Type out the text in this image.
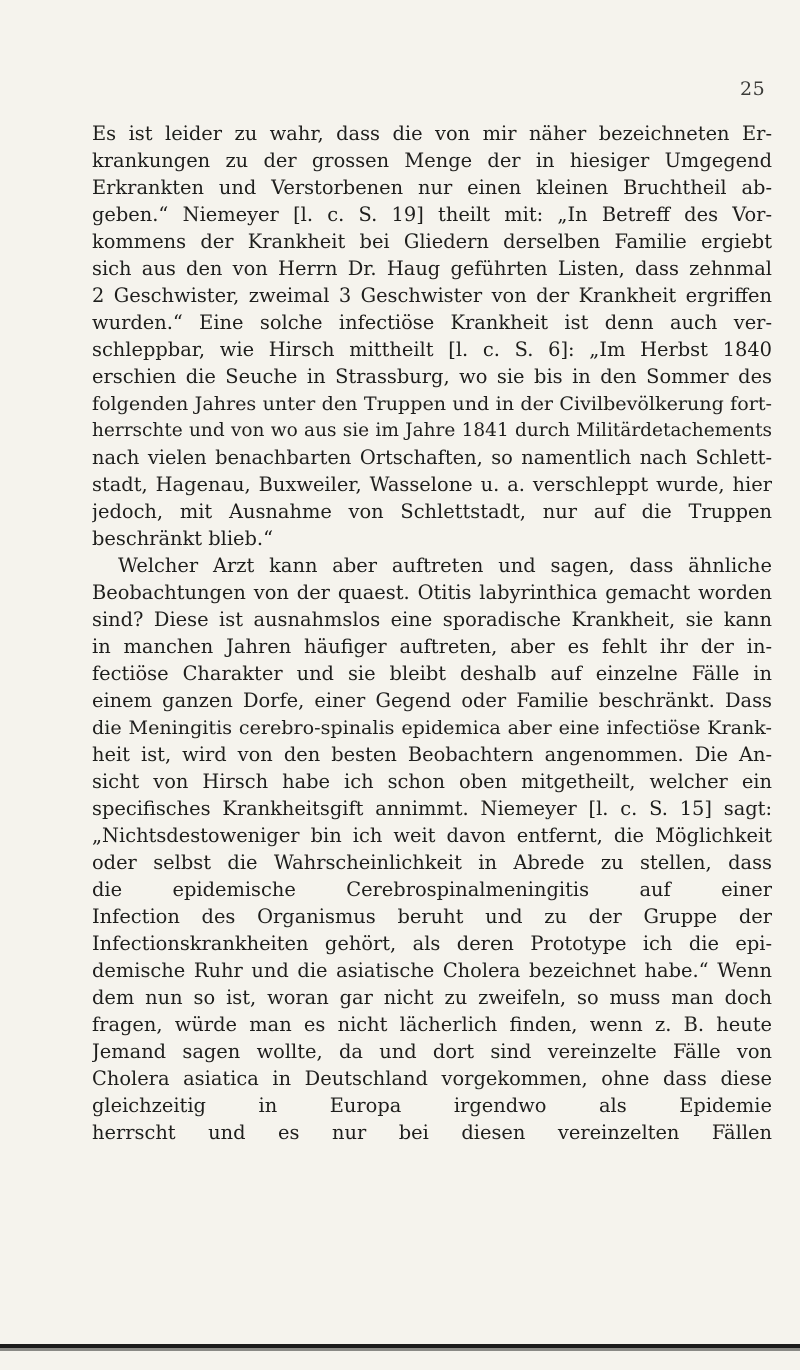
25
Es ist leider zu wahr, dass die von mir näher bezeichneten Er-
krankungen zu der grossen Menge der in hiesiger Umgegend
Erkrankten und Verstorbenen nur einen kleinen Bruchtheil ab-
geben.“ Niemeyer [l. c. S. 19] theilt mit: „In Betreff des Vor-
kommens der Krankheit bei Gliedern derselben Familie ergiebt
sich aus den von Herrn Dr. Haug geführten Listen, dass zehnmal
2 Geschwister, zweimal 3 Geschwister von der Krankheit ergriffen
wurden.“ Eine solche infectiöse Krankheit ist denn auch ver-
schleppbar, wie Hirsch mittheilt [l. c. S. 6]: „Im Herbst 1840
erschien die Seuche in Strassburg, wo sie bis in den Sommer des
folgenden Jahres unter den Truppen und in der Civilbevölkerung fort-
herrschte und von wo aus sie im Jahre 1841 durch Militärdetachements
nach vielen benachbarten Ortschaften, so namentlich nach Schlett-
stadt, Hagenau, Buxweiler, Wasselone u. a. verschleppt wurde, hier
jedoch, mit Ausnahme von Schlettstadt, nur auf die Truppen
beschränkt blieb.“
Welcher Arzt kann aber auftreten und sagen, dass ähnliche
Beobachtungen von der quaest. Otitis labyrinthica gemacht worden
sind? Diese ist ausnahmslos eine sporadische Krankheit, sie kann
in manchen Jahren häufiger auftreten, aber es fehlt ihr der in-
fectiöse Charakter und sie bleibt deshalb auf einzelne Fälle in
einem ganzen Dorfe, einer Gegend oder Familie beschränkt. Dass
die Meningitis cerebro-spinalis epidemica aber eine infectiöse Krank-
heit ist, wird von den besten Beobachtern angenommen. Die An-
sicht von Hirsch habe ich schon oben mitgetheilt, welcher ein
specifisches Krankheitsgift annimmt. Niemeyer [l. c. S. 15] sagt:
„Nichtsdestoweniger bin ich weit davon entfernt, die Möglichkeit
oder selbst die Wahrscheinlichkeit in Abrede zu stellen, dass
die epidemische Cerebrospinalmeningitis auf einer
Infection des Organismus beruht und zu der Gruppe der
Infectionskrankheiten gehört, als deren Prototype ich die epi-
demische Ruhr und die asiatische Cholera bezeichnet habe.“ Wenn
dem nun so ist, woran gar nicht zu zweifeln, so muss man doch
fragen, würde man es nicht lächerlich finden, wenn z. B. heute
Jemand sagen wollte, da und dort sind vereinzelte Fälle von
Cholera asiatica in Deutschland vorgekommen, ohne dass diese
gleichzeitig in Europa irgendwo als Epidemie
herrscht und es nur bei diesen vereinzelten Fällen
